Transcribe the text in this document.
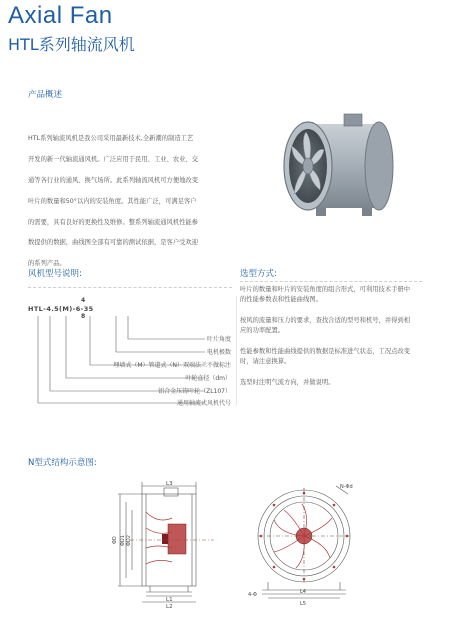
Axial Fan
HTL系列轴流风机
产品概述

HTL系列轴流风机是我公司采用最新技术,全新潮的制造工艺

开发的新一代轴流通风机。广泛应用于民用、工业、农业、交

通等各行业的通风、换气场所。此系列轴流风机可方便地改变

叶片的数量和50°以内的安装角度。其性能广泛，可满足客户

的需要，具有良好的更换性及维修。整系列轴流通风机性能参

数提供的数据，曲线图全部有可靠的测试依据，是客户受欢迎

的系列产品。

风机型号说明:
4
HTL-4.5(M)-6-35
8
叶片角度
电机极数
埋墙式（M）管道式（N）双端法兰不做标注
叶轮直径（dm）
铝合金压铸叶轮（ZL107）
通用轴流式风机代号
选型方式:
叶片的数量和叶片的安装角度的组合形式，可利用技术手册中
的性能参数表和性能曲线图。
按风的流量和压力的要求，查找合适的型号和机号，并得到相
应的功率配置。
性能参数和性能曲线提供的数据是标准进气状态，工况点改变
时，请注意换算。
选型时注明气流方向，并做说明。
N型式结构示意图:
L3
L1
L2
ΦD ΦD1 ΦD2
N-Φd
4-Φ	L4
L5
